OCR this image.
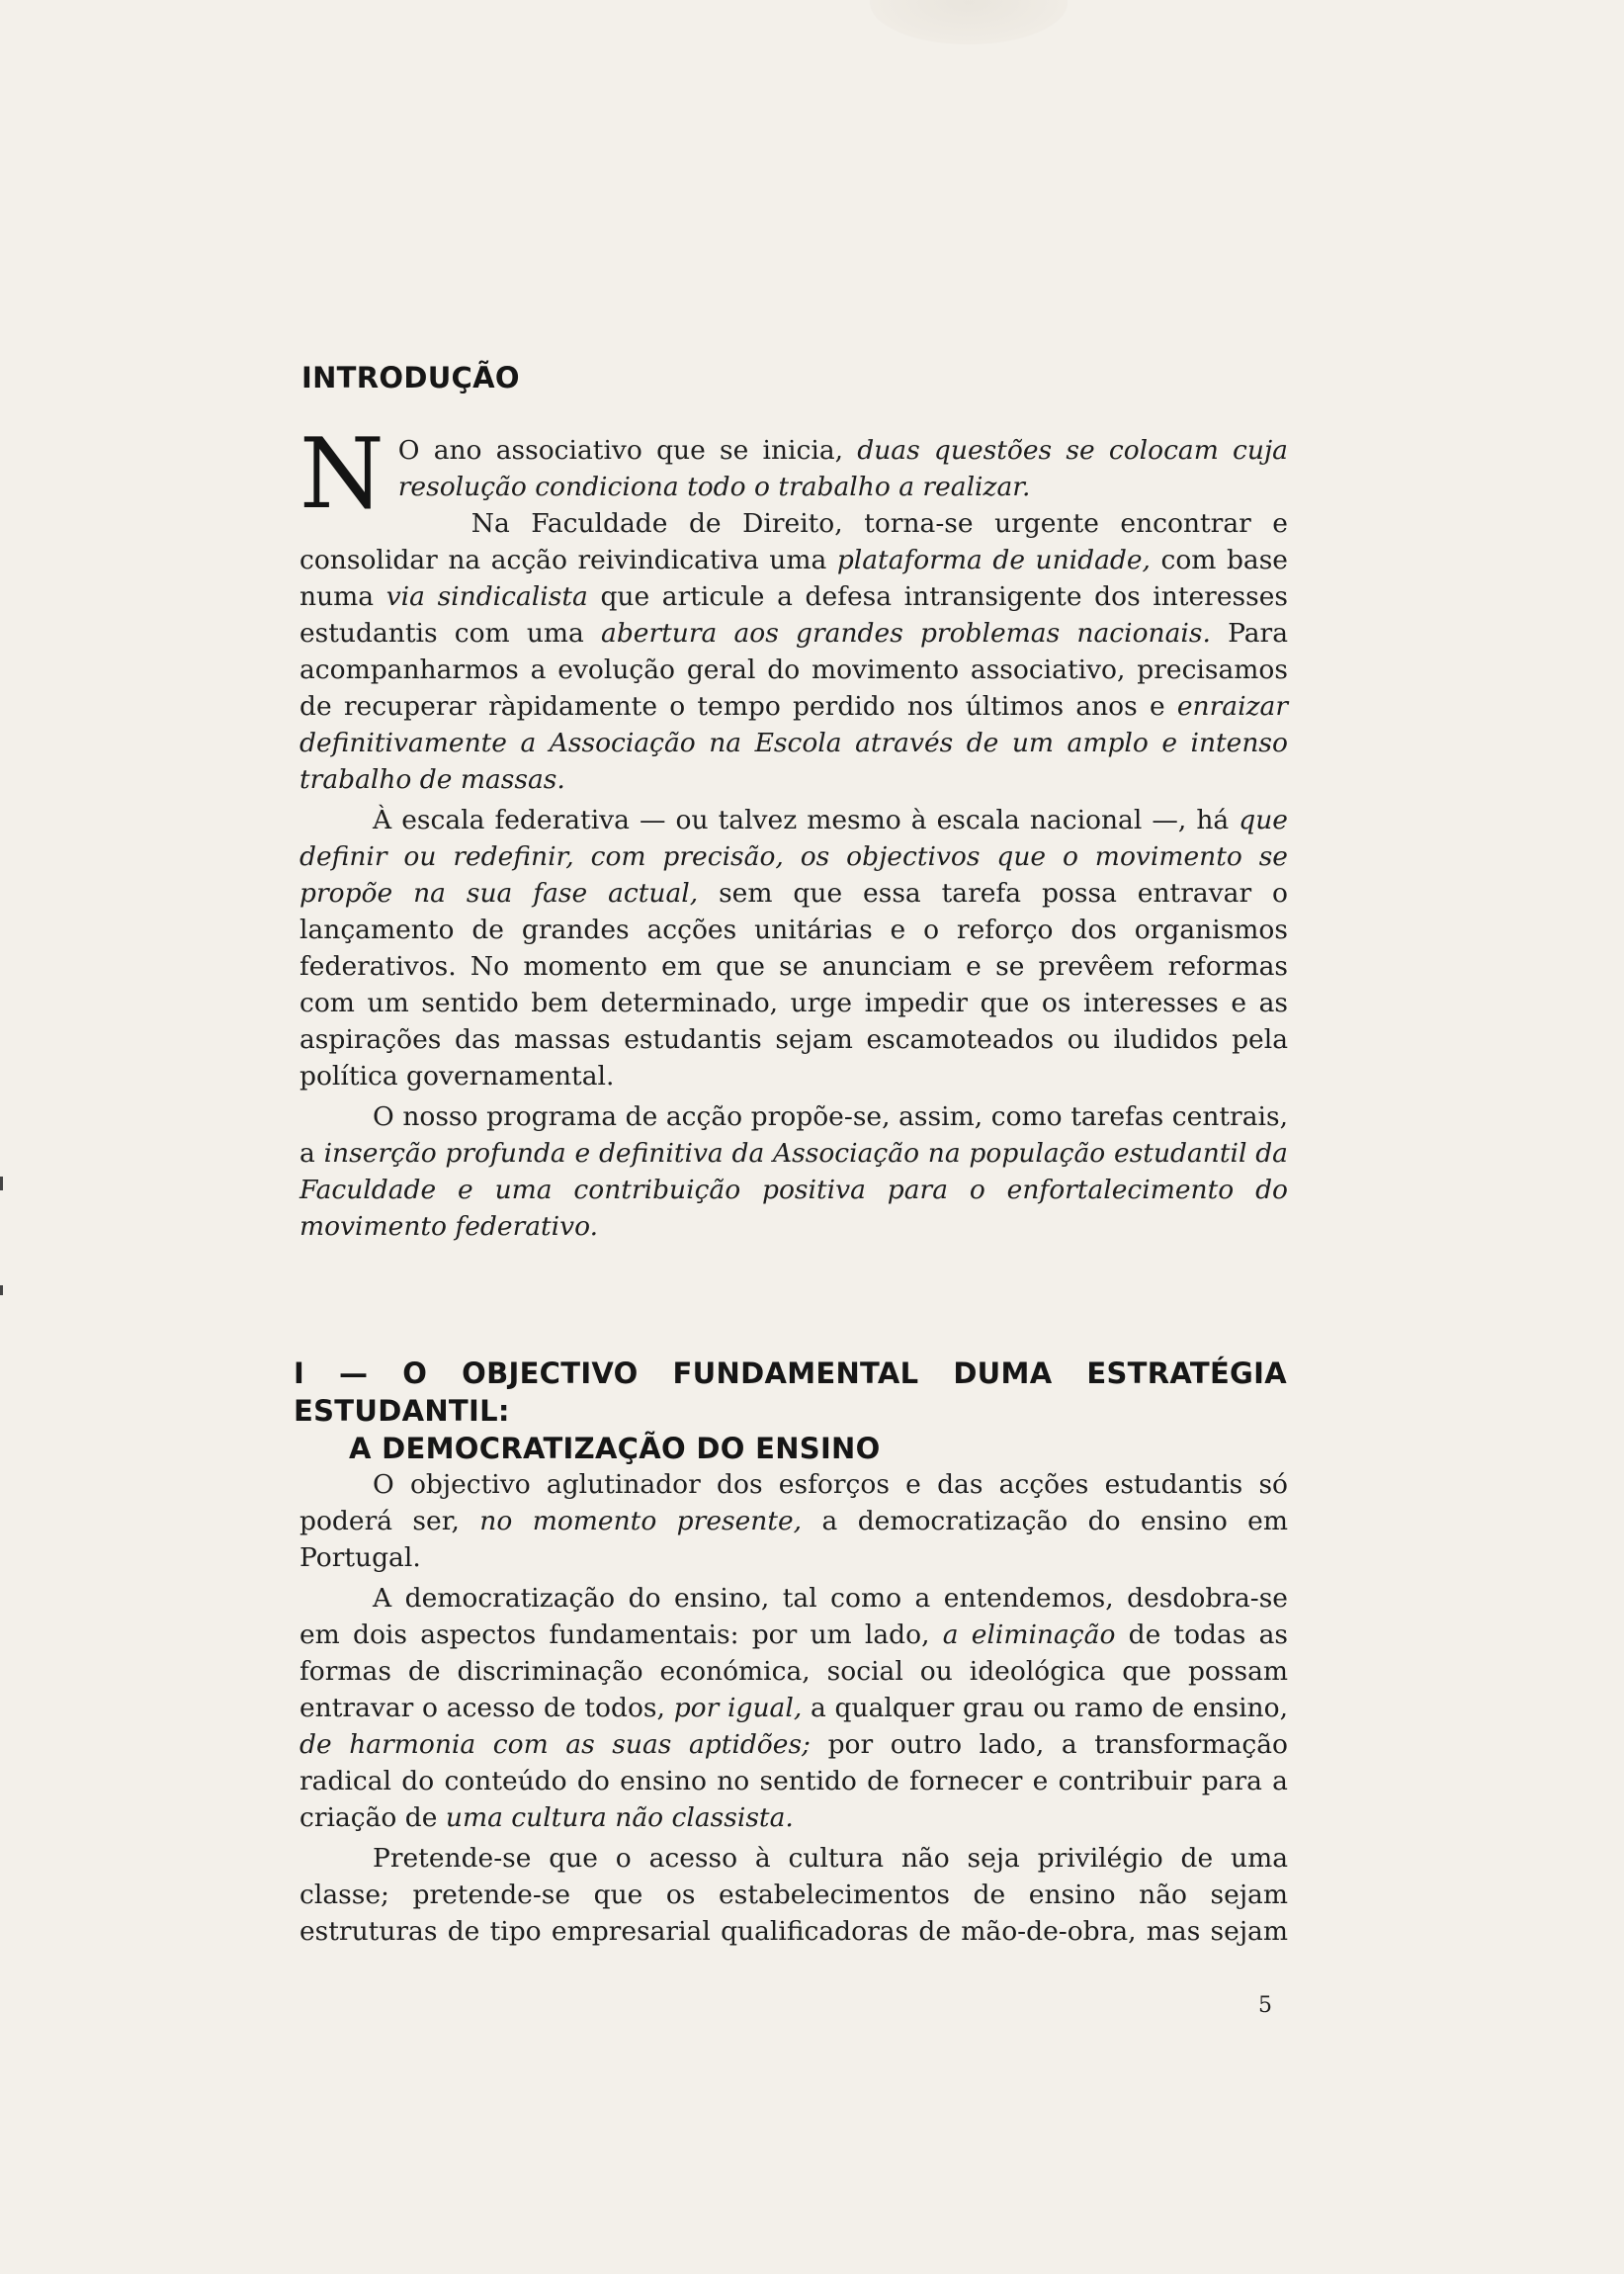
INTRODUÇÃO
N O ano associativo que se inicia, duas questões se colocam cuja resolução condiciona todo o trabalho a realizar.

Na Faculdade de Direito, torna-se urgente encontrar e consolidar na acção reivindicativa uma plataforma de unidade, com base numa via sindicalista que articule a defesa intransigente dos interesses estudantis com uma abertura aos grandes problemas nacionais. Para acompanharmos a evolução geral do movimento associativo, precisamos de recuperar ràpidamente o tempo perdido nos últimos anos e enraizar definitivamente a Associação na Escola através de um amplo e intenso trabalho de massas.

À escala federativa — ou talvez mesmo à escala nacional —, há que definir ou redefinir, com precisão, os objectivos que o movimento se propõe na sua fase actual, sem que essa tarefa possa entravar o lançamento de grandes acções unitárias e o reforço dos organismos federativos. No momento em que se anunciam e se prevêem reformas com um sentido bem determinado, urge impedir que os interesses e as aspirações das massas estudantis sejam escamoteados ou iludidos pela política governamental.

O nosso programa de acção propõe-se, assim, como tarefas centrais, a inserção profunda e definitiva da Associação na população estudantil da Faculdade e uma contribuição positiva para o enfortalecimento do movimento federativo.

I — O OBJECTIVO FUNDAMENTAL DUMA ESTRATÉGIA ESTUDANTIL:
A DEMOCRATIZAÇÃO DO ENSINO

O objectivo aglutinador dos esforços e das acções estudantis só poderá ser, no momento presente, a democratização do ensino em Portugal.

A democratização do ensino, tal como a entendemos, desdobra-se em dois aspectos fundamentais: por um lado, a eliminação de todas as formas de discriminação económica, social ou ideológica que possam entravar o acesso de todos, por igual, a qualquer grau ou ramo de ensino, de harmonia com as suas aptidões; por outro lado, a transformação radical do conteúdo do ensino no sentido de fornecer e contribuir para a criação de uma cultura não classista.

Pretende-se que o acesso à cultura não seja privilégio de uma classe; pretende-se que os estabelecimentos de ensino não sejam estruturas de tipo empresarial qualificadoras de mão-de-obra, mas sejam

5
